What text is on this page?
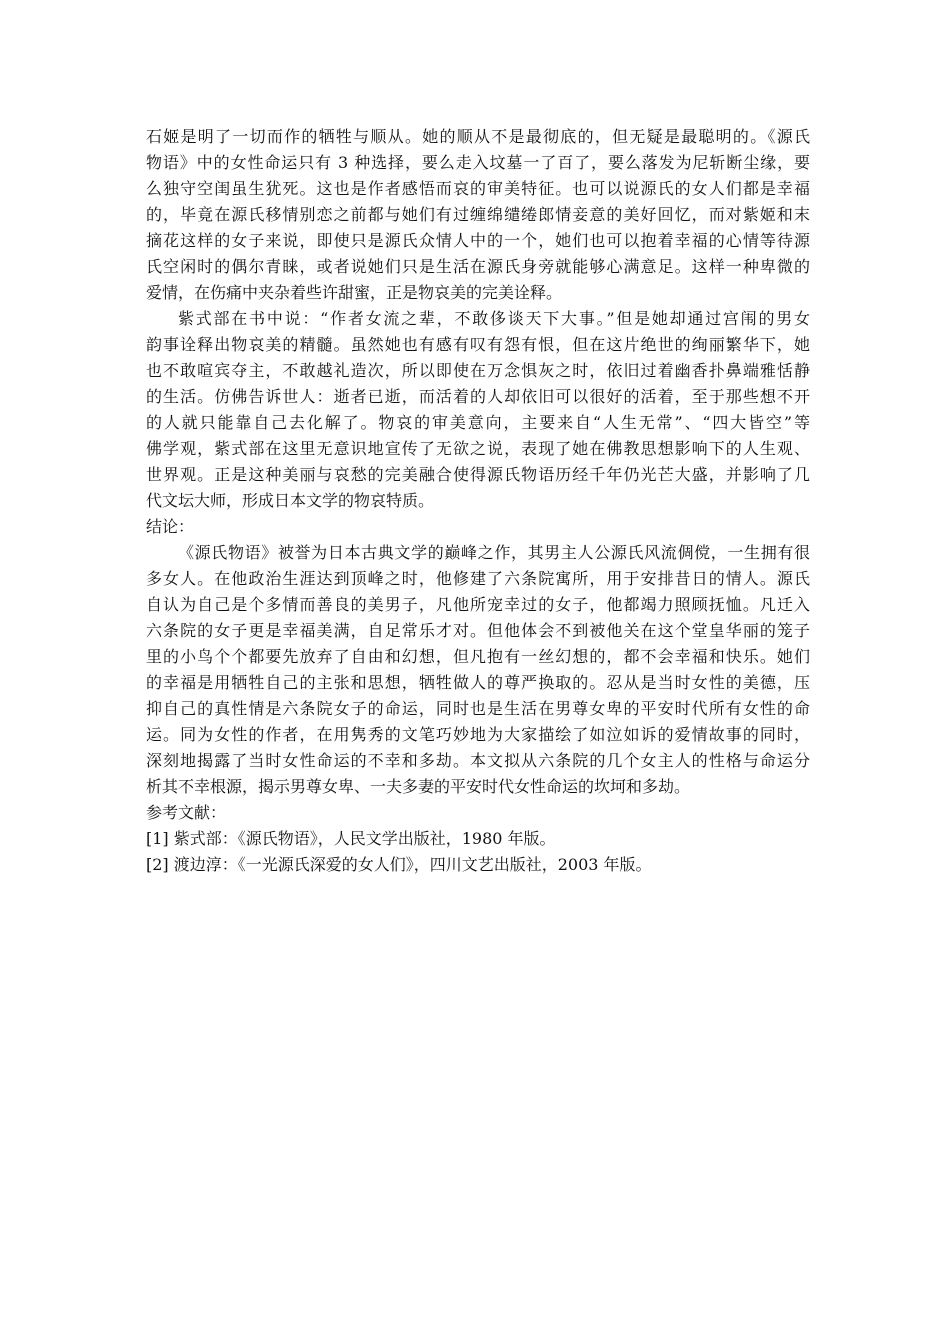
石姬是明了一切而作的牺牲与顺从。她的顺从不是最彻底的，但无疑是最聪明的。《源氏
物语》中的女性命运只有 3 种选择，要么走入坟墓一了百了，要么落发为尼斩断尘缘，要
么独守空闺虽生犹死。这也是作者感悟而哀的审美特征。也可以说源氏的女人们都是幸福
的，毕竟在源氏移情别恋之前都与她们有过缠绵缱绻郎情妾意的美好回忆，而对紫姬和末
摘花这样的女子来说，即使只是源氏众情人中的一个，她们也可以抱着幸福的心情等待源
氏空闲时的偶尔青睐，或者说她们只是生活在源氏身旁就能够心满意足。这样一种卑微的
爱情，在伤痛中夹杂着些许甜蜜，正是物哀美的完美诠释。
紫式部在书中说：“作者女流之辈，不敢侈谈天下大事。”但是她却通过宫闱的男女
韵事诠释出物哀美的精髓。虽然她也有感有叹有怨有恨，但在这片绝世的绚丽繁华下，她
也不敢喧宾夺主，不敢越礼造次，所以即使在万念惧灰之时，依旧过着幽香扑鼻端雅恬静
的生活。仿佛告诉世人：逝者已逝，而活着的人却依旧可以很好的活着，至于那些想不开
的人就只能靠自己去化解了。物哀的审美意向，主要来自“人生无常”、“四大皆空”等
佛学观，紫式部在这里无意识地宣传了无欲之说，表现了她在佛教思想影响下的人生观、
世界观。正是这种美丽与哀愁的完美融合使得源氏物语历经千年仍光芒大盛，并影响了几
代文坛大师，形成日本文学的物哀特质。
结论：
《源氏物语》被誉为日本古典文学的巅峰之作，其男主人公源氏风流倜傥，一生拥有很
多女人。在他政治生涯达到顶峰之时，他修建了六条院寓所，用于安排昔日的情人。源氏
自认为自己是个多情而善良的美男子，凡他所宠幸过的女子，他都竭力照顾抚恤。凡迁入
六条院的女子更是幸福美满，自足常乐才对。但他体会不到被他关在这个堂皇华丽的笼子
里的小鸟个个都要先放弃了自由和幻想，但凡抱有一丝幻想的，都不会幸福和快乐。她们
的幸福是用牺牲自己的主张和思想，牺牲做人的尊严换取的。忍从是当时女性的美德，压
抑自己的真性情是六条院女子的命运，同时也是生活在男尊女卑的平安时代所有女性的命
运。同为女性的作者，在用隽秀的文笔巧妙地为大家描绘了如泣如诉的爱情故事的同时，
深刻地揭露了当时女性命运的不幸和多劫。本文拟从六条院的几个女主人的性格与命运分
析其不幸根源，揭示男尊女卑、一夫多妻的平安时代女性命运的坎坷和多劫。
参考文献：
[1] 紫式部：《源氏物语》，人民文学出版社，1980 年版。
[2] 渡边淳：《一光源氏深爱的女人们》，四川文艺出版社，2003 年版。
